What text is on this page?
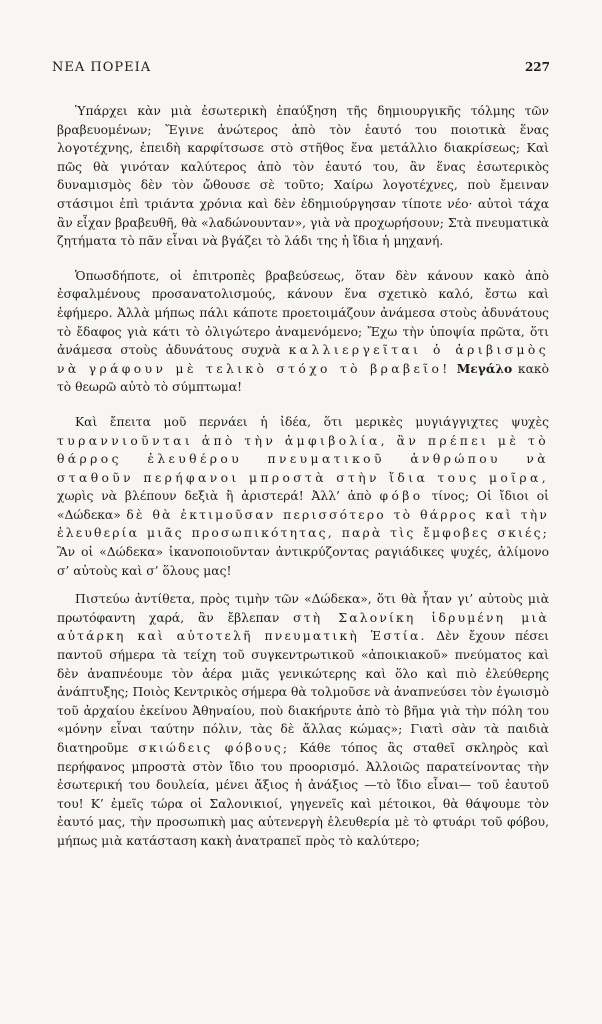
ΝΕΑ ΠΟΡΕΙΑ	227

Ὑπάρχει κὰν μιὰ ἐσωτερικὴ ἐπαύξηση τῆς δημιουργικῆς τόλμης τῶν βραβευομένων; Ἔγινε ἀνώτερος ἀπὸ τὸν ἑαυτό του ποιοτικὰ ἕνας λογοτέχνης, ἐπειδὴ καρφίτσωσε στὸ στῆθος ἕνα μετάλλιο διακρίσεως; Καὶ πῶς θὰ γινόταν καλύτερος ἀπὸ τὸν ἑαυτό του, ἂν ἕνας ἐσωτερικὸς δυναμισμὸς δὲν τὸν ὤθουσε σὲ τοῦτο; Χαίρω λογοτέχνες, ποὺ ἔμειναν στάσιμοι ἐπὶ τριάντα χρόνια καὶ δὲν ἐδημιούργησαν τίποτε νέο· αὐτοὶ τάχα ἂν εἶχαν βραβευθῆ, θὰ «λαδώνουνταν», γιὰ νὰ προχωρήσουν; Στὰ πνευματικὰ ζητήματα τὸ πᾶν εἶναι νὰ βγάζει τὸ λάδι της ἡ ἴδια ἡ μηχανή.

Ὁπωσδήποτε, οἱ ἐπιτροπὲς βραβεύσεως, ὅταν δὲν κάνουν κακὸ ἀπὸ ἐσφαλμένους προσανατολισμούς, κάνουν ἕνα σχετικὸ καλό, ἔστω καὶ ἐφήμερο. Ἀλλὰ μήπως πάλι κάποτε προετοιμάζουν ἀνάμεσα στοὺς ἀδυνάτους τὸ ἔδαφος γιὰ κάτι τὸ ὀλιγώτερο ἀναμενόμενο; Ἔχω τὴν ὑποψία πρῶτα, ὅτι ἀνάμεσα στοὺς ἀδυνάτους συχνὰ καλλιεργεῖται ὁ ἀριβισμὸς νὰ γράφουν μὲ τελικὸ στόχο τὸ βραβεῖο! Μεγάλο κακὸ τὸ θεωρῶ αὐτὸ τὸ σύμπτωμα!

Καὶ ἔπειτα μοῦ περνάει ἡ ἰδέα, ὅτι μερικὲς μυγιάγγιχτες ψυχὲς τυραννιοῦνται ἀπὸ τὴν ἀμφιβολία, ἂν πρέπει μὲ τὸ θάρρος ἐλευθέρου πνευματικοῦ ἀνθρώπου νὰ σταθοῦν περήφανοι μπροστὰ στὴν ἴδια τους μοῖρα, χωρὶς νὰ βλέπουν δεξιὰ ἢ ἀριστερά! Ἀλλ’ ἀπὸ φόβο τίνος; Οἱ ἴδιοι οἱ «Δώδεκα» δὲ θὰ ἐκτιμοῦσαν περισσότερο τὸ θάρρος καὶ τὴν ἐλευθερία μιᾶς προσωπικότητας, παρὰ τὶς ἔμφοβες σκιές; Ἂν οἱ «Δώδεκα» ἱκανοποιοῦνταν ἀντικρύζοντας ραγιάδικες ψυχές, ἀλίμονο σ’ αὐτοὺς καὶ σ’ ὅλους μας!

Πιστεύω ἀντίθετα, πρὸς τιμὴν τῶν «Δώδεκα», ὅτι θὰ ἦταν γι’ αὐτοὺς μιὰ πρωτόφαντη χαρά, ἂν ἔβλεπαν στὴ Σαλονίκη ἱδρυμένη μιὰ αὐτάρκη καὶ αὐτοτελῆ πνευματικὴ Ἑστία. Δὲν ἔχουν πέσει παντοῦ σήμερα τὰ τείχη τοῦ συγκεντρωτικοῦ «ἀποικιακοῦ» πνεύματος καὶ δὲν ἀναπνέουμε τὸν ἀέρα μιᾶς γενικώτερης καὶ ὅλο καὶ πιὸ ἐλεύθερης ἀνάπτυξης; Ποιὸς Κεντρικὸς σήμερα θὰ τολμοῦσε νὰ ἀναπνεύσει τὸν ἐγωισμὸ τοῦ ἀρχαίου ἐκείνου Ἀθηναίου, ποὺ διακήρυτε ἀπὸ τὸ βῆμα γιὰ τὴν πόλη του «μόνην εἶναι ταύτην πόλιν, τὰς δὲ ἄλλας κώμας»; Γιατὶ σὰν τὰ παιδιὰ διατηροῦμε σκιώδεις φόβους; Κάθε τόπος ἂς σταθεῖ σκληρὸς καὶ περήφανος μπροστὰ στὸν ἴδιο του προορισμό. Ἀλλοιῶς παρατείνοντας τὴν ἐσωτερική του δουλεία, μένει ἄξιος ἡ ἀνάξιος —τὸ ἴδιο εἶναι— τοῦ ἑαυτοῦ του! Κ’ ἐμεῖς τώρα οἱ Σαλονικιοί, γηγενεῖς καὶ μέτοικοι, θὰ θάψουμε τὸν ἑαυτό μας, τὴν προσωπικὴ μας αὐτενεργὴ ἐλευθερία μὲ τὸ φτυάρι τοῦ φόβου, μήπως μιὰ κατάσταση κακὴ ἀνατραπεῖ πρὸς τὸ καλύτερο;
